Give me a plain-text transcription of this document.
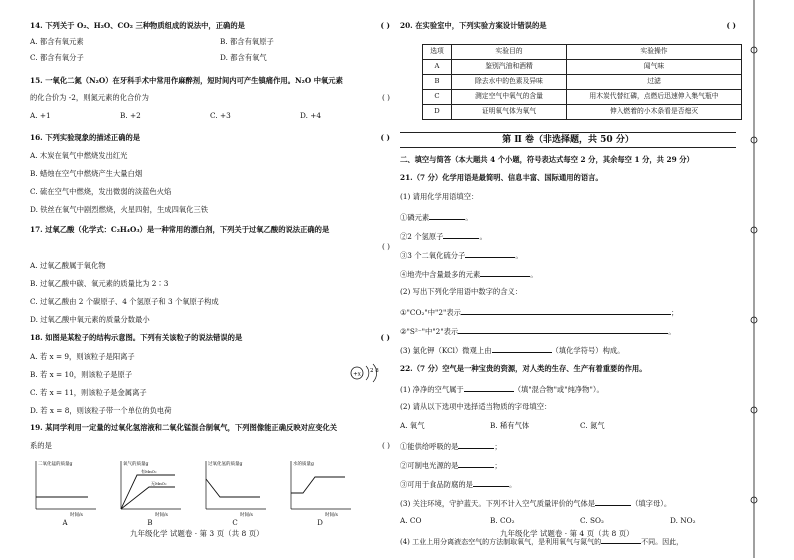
14. 下列关于 O₂、H₂O、CO₂ 三种物质组成的说法中，正确的是	( )
A. 都含有氧元素	B. 都含有氧原子
C. 都含有氧分子	D. 都含有氧气
15. 一氧化二氮（N₂O）在牙科手术中常用作麻醉剂，短时间内可产生镇痛作用。N₂O 中氧元素
的化合价为 -2，则氮元素的化合价为	( )
A. +1	B. +2	C. +3	D. +4
16. 下列实验现象的描述正确的是	( )
A. 木炭在氧气中燃烧发出红光
B. 蜡烛在空气中燃烧产生大量白烟
C. 硫在空气中燃烧，发出微弱的淡蓝色火焰
D. 铁丝在氧气中剧烈燃烧，火星四射，生成四氧化三铁
17. 过氧乙酸（化学式：C₂H₄O₃）是一种常用的漂白剂，下列关于过氧乙酸的说法正确的是
( )
A. 过氧乙酸属于氧化物
B. 过氧乙酸中碳、氧元素的质量比为 2∶3
C. 过氧乙酸由 2 个碳原子、4 个氢原子和 3 个氧原子构成
D. 过氧乙酸中氧元素的质量分数最小
18. 如图是某粒子的结构示意图。下列有关该粒子的说法错误的是	( )
A. 若 x = 9，则该粒子是阳离子
B. 若 x = 10，则该粒子是原子
C. 若 x = 11，则该粒子是金属离子
D. 若 x = 8，则该粒子带一个单位的负电荷
+x
2 8
19. 某同学利用一定量的过氧化氢溶液和二氧化锰混合制氧气，下列图像能正确反映对应变化关
系的是	( )
二氧化锰的质量g
时间/s
A
氧气的质量g
有MnO₂
无MnO₂
时间/s
B
过氧化氢的质量g
时间/s
C
水的质量g
时间/s
D
九年级化学 试题卷 · 第 3 页（共 8 页）
20. 在实验室中，下列实验方案设计错误的是	( )
选项	实验目的	实验操作
A	鉴别汽油和酒精	闻气味
B	除去水中的色素及异味	过滤
C	测定空气中氧气的含量	用木炭代替红磷，点燃后迅速伸入集气瓶中
D	证明氧气体为氧气	伸入燃着的小木条看是否熄灭
第 Ⅱ 卷（非选择题，共 50 分）
二、填空与简答（本大题共 4 个小题，符号表达式每空 2 分，其余每空 1 分，共 29 分）
21.（7 分）化学用语是最简明、信息丰富、国际通用的语言。
(1) 请用化学用语填空：
①磷元素	。
②2 个氢原子	。
③3 个二氧化硫分子	。
④地壳中含量最多的元素	。
(2) 写出下列化学用语中数字的含义：
①"CO₂"中"2"表示	；
②"S²⁻"中"2"表示	。
(3) 氯化钾（KCl）微观上由	（填化学符号）构成。
22.（7 分）空气是一种宝贵的资源，对人类的生存、生产有着重要的作用。
(1) 净净的空气属于	（填"混合物"或"纯净物"）。
(2) 请从以下选项中选择适当物质的字母填空：
A. 氧气	B. 稀有气体	C. 氮气
①能供给呼吸的是	；
②可制电光源的是	；
③可用于食品防腐的是	。
(3) 关注环境，守护蓝天。下列不计入空气质量评价的气体是	（填字母）。
A. CO	B. CO₂	C. SO₂	D. NO₂
(4) 工业上用分离液态空气的方法制取氧气，是利用氧气与氮气的	不同。因此，
九年级化学 试题卷 · 第 4 页（共 8 页）
